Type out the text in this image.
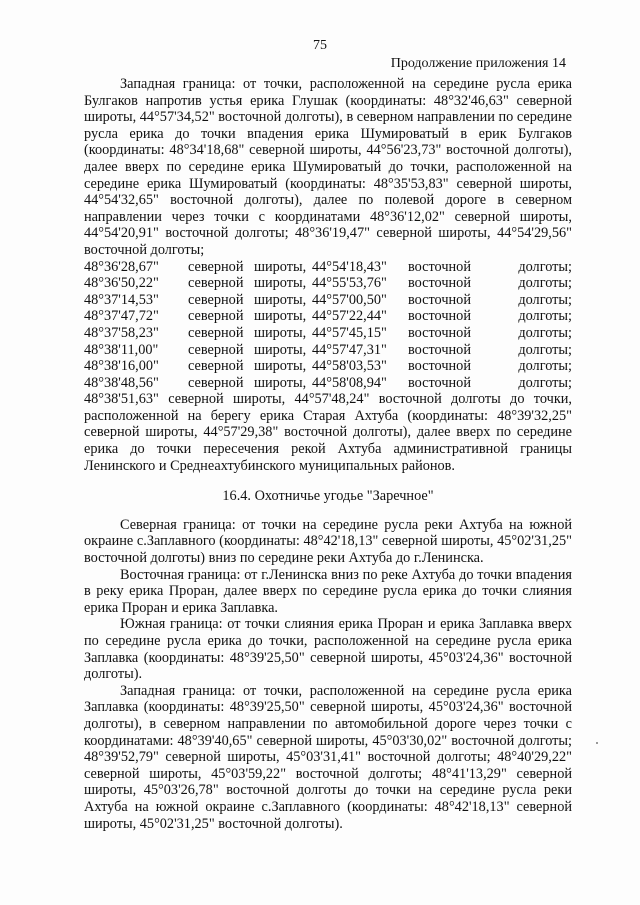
75
Продолжение приложения 14

Западная граница: от точки, расположенной на середине русла ерика Булгаков напротив устья ерика Глушак (координаты: 48°32'46,63" северной широты, 44°57'34,52" восточной долготы), в северном направлении по середине русла ерика до точки впадения ерика Шумироватый в ерик Булгаков (координаты: 48°34'18,68" северной широты, 44°56'23,73" восточной долготы), далее вверх по середине ерика Шумироватый до точки, расположенной на середине ерика Шумироватый (координаты: 48°35'53,83" северной широты, 44°54'32,65" восточной долготы), далее по полевой дороге в северном направлении через точки с координатами 48°36'12,02" северной широты, 44°54'20,91" восточной долготы; 48°36'19,47" северной широты, 44°54'29,56" восточной долготы;

48°36'28,67"	северной	широты,	44°54'18,43"	восточной	долготы;
48°36'50,22"	северной	широты,	44°55'53,76"	восточной	долготы;
48°37'14,53"	северной	широты,	44°57'00,50"	восточной	долготы;
48°37'47,72"	северной	широты,	44°57'22,44"	восточной	долготы;
48°37'58,23"	северной	широты,	44°57'45,15"	восточной	долготы;
48°38'11,00"	северной	широты,	44°57'47,31"	восточной	долготы;
48°38'16,00"	северной	широты,	44°58'03,53"	восточной	долготы;
48°38'48,56"	северной	широты,	44°58'08,94"	восточной	долготы;

48°38'51,63" северной широты, 44°57'48,24" восточной долготы до точки, расположенной на берегу ерика Старая Ахтуба (координаты: 48°39'32,25" северной широты, 44°57'29,38" восточной долготы), далее вверх по середине ерика до точки пересечения рекой Ахтуба административной границы Ленинского и Среднеахтубинского муниципальных районов.

16.4. Охотничье угодье "Заречное"

Северная граница: от точки на середине русла реки Ахтуба на южной окраине с.Заплавного (координаты: 48°42'18,13" северной широты, 45°02'31,25" восточной долготы) вниз по середине реки Ахтуба до г.Ленинска.

Восточная граница: от г.Ленинска вниз по реке Ахтуба до точки впадения в реку ерика Проран, далее вверх по середине русла ерика до точки слияния ерика Проран и ерика Заплавка.

Южная граница: от точки слияния ерика Проран и ерика Заплавка вверх по середине русла ерика до точки, расположенной на середине русла ерика Заплавка (координаты: 48°39'25,50" северной широты, 45°03'24,36" восточной долготы).

Западная граница: от точки, расположенной на середине русла ерика Заплавка (координаты: 48°39'25,50" северной широты, 45°03'24,36" восточной долготы), в северном направлении по автомобильной дороге через точки с координатами: 48°39'40,65" северной широты, 45°03'30,02" восточной долготы; 48°39'52,79" северной широты, 45°03'31,41" восточной долготы; 48°40'29,22" северной широты, 45°03'59,22" восточной долготы; 48°41'13,29" северной широты, 45°03'26,78" восточной долготы до точки на середине русла реки Ахтуба на южной окраине с.Заплавного (координаты: 48°42'18,13" северной широты, 45°02'31,25" восточной долготы).
